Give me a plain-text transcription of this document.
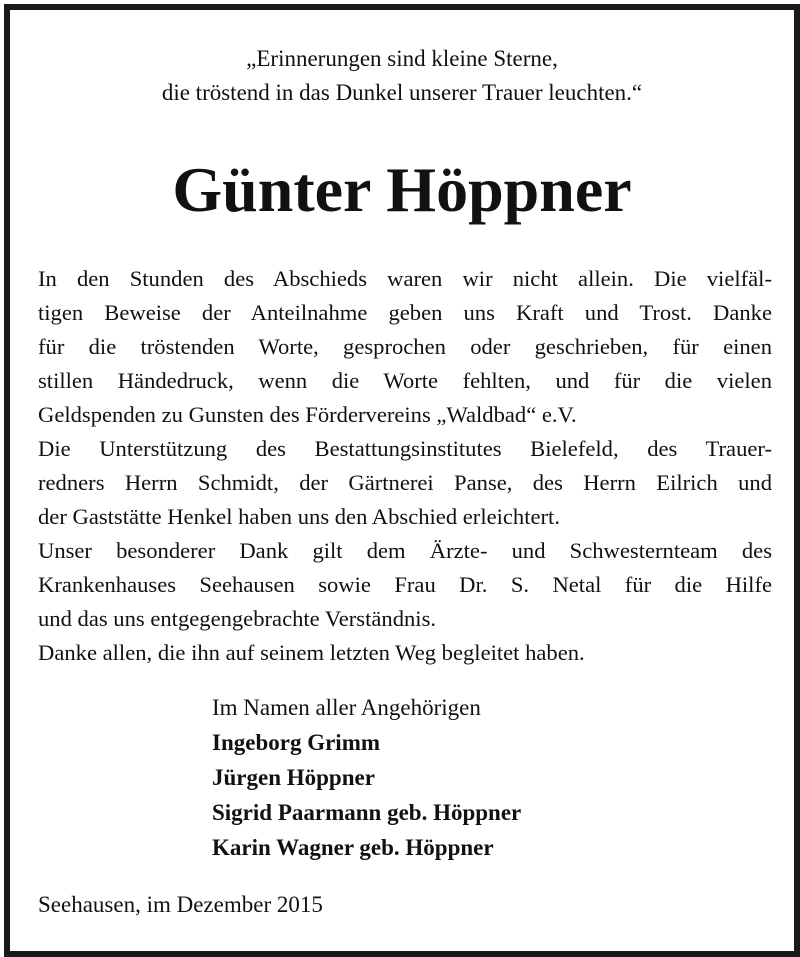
„Erinnerungen sind kleine Sterne,
die tröstend in das Dunkel unserer Trauer leuchten.“
Günter Höppner
In den Stunden des Abschieds waren wir nicht allein. Die vielfäl-
tigen Beweise der Anteilnahme geben uns Kraft und Trost. Danke
für die tröstenden Worte, gesprochen oder geschrieben, für einen
stillen Händedruck, wenn die Worte fehlten, und für die vielen
Geldspenden zu Gunsten des Fördervereins „Waldbad“ e.V.
Die Unterstützung des Bestattungsinstitutes Bielefeld, des Trauer-
redners Herrn Schmidt, der Gärtnerei Panse, des Herrn Eilrich und
der Gaststätte Henkel haben uns den Abschied erleichtert.
Unser besonderer Dank gilt dem Ärzte- und Schwesternteam des
Krankenhauses Seehausen sowie Frau Dr. S. Netal für die Hilfe
und das uns entgegengebrachte Verständnis.
Danke allen, die ihn auf seinem letzten Weg begleitet haben.
Im Namen aller Angehörigen
Ingeborg Grimm
Jürgen Höppner
Sigrid Paarmann geb. Höppner
Karin Wagner geb. Höppner
Seehausen, im Dezember 2015
